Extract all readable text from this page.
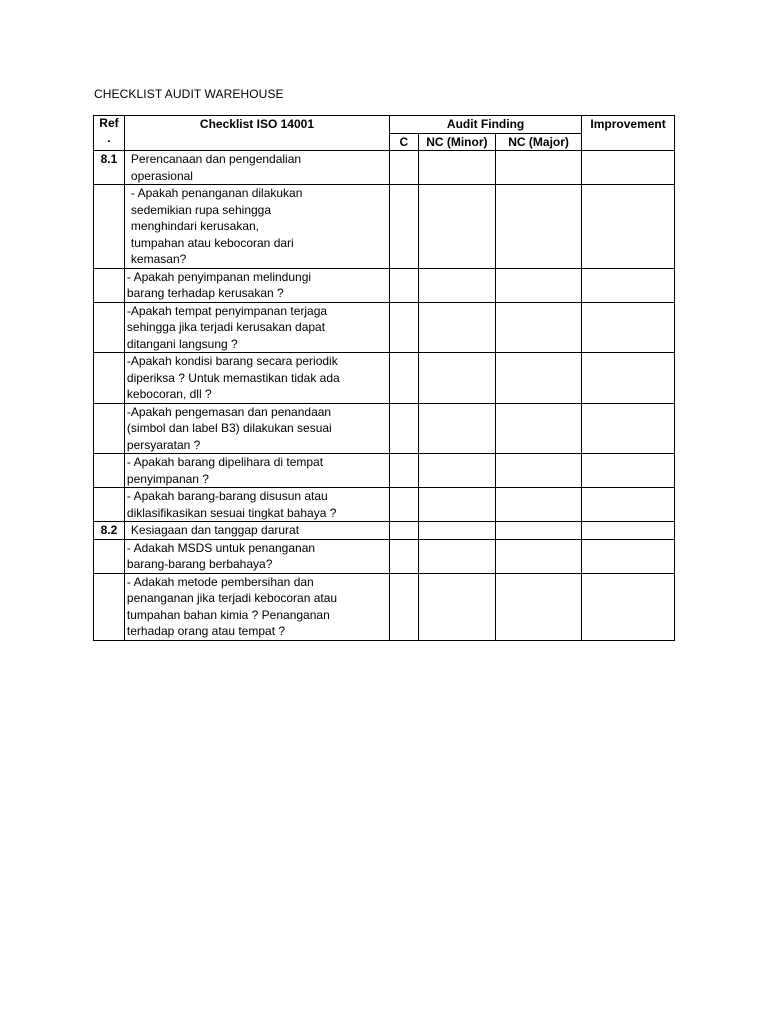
CHECKLIST AUDIT WAREHOUSE
Ref
.	Checklist ISO 14001	Audit Finding			Improvement
		C	NC (Minor)	NC (Major)	
8.1	Perencanaan dan pengendalian
operasional				
	- Apakah penanganan dilakukan
sedemikian rupa sehingga
menghindari kerusakan,
tumpahan atau kebocoran dari
kemasan?				
	- Apakah penyimpanan melindungi
barang terhadap kerusakan ?				
	-Apakah tempat penyimpanan terjaga
sehingga jika terjadi kerusakan dapat
ditangani langsung ?				
	-Apakah kondisi barang secara periodik
diperiksa ? Untuk memastikan tidak ada
kebocoran, dll ?				
	-Apakah pengemasan dan penandaan
(simbol dan label B3) dilakukan sesuai
persyaratan ?				
	- Apakah barang dipelihara di tempat
penyimpanan ?				
	- Apakah barang-barang disusun atau
diklasifikasikan sesuai tingkat bahaya ?				
8.2	Kesiagaan dan tanggap darurat				
	- Adakah MSDS untuk penanganan
barang-barang berbahaya?				
	- Adakah metode pembersihan dan
penanganan jika terjadi kebocoran atau
tumpahan bahan kimia ? Penanganan
terhadap orang atau tempat ?				
